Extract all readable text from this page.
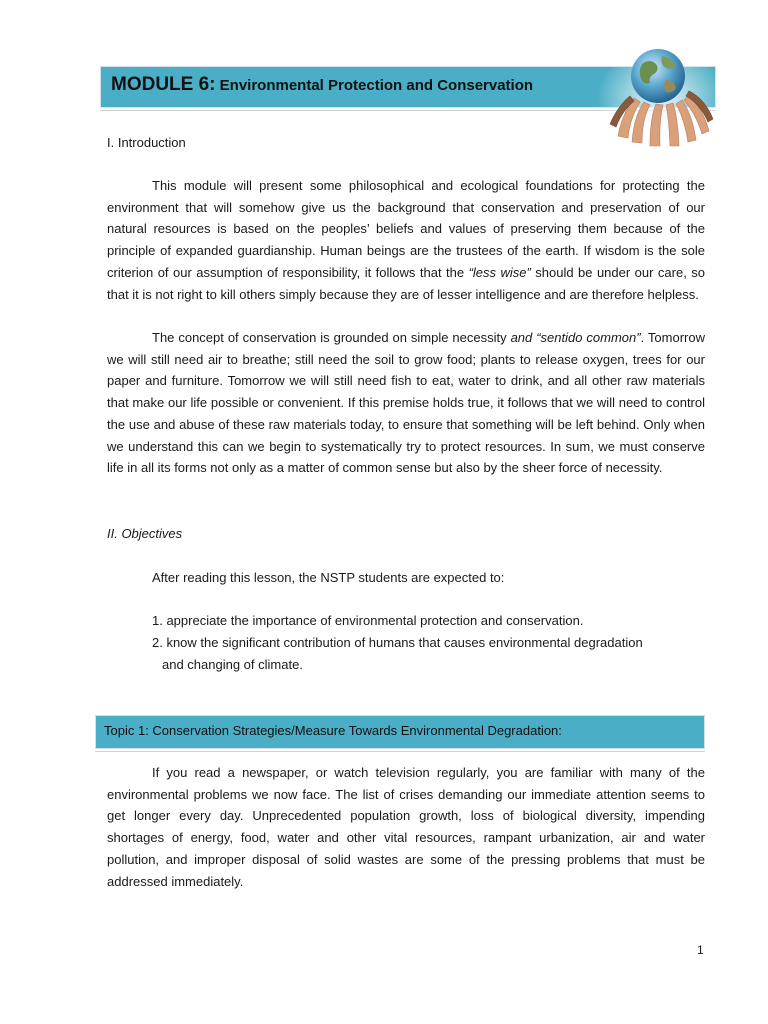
MODULE 6: Environmental Protection and Conservation

I. Introduction

This module will present some philosophical and ecological foundations for protecting the environment that will somehow give us the background that conservation and preservation of our natural resources is based on the peoples’ beliefs and values of preserving them because of the principle of expanded guardianship. Human beings are the trustees of the earth. If wisdom is the sole criterion of our assumption of responsibility, it follows that the “less wise” should be under our care, so that it is not right to kill others simply because they are of lesser intelligence and are therefore helpless.

The concept of conservation is grounded on simple necessity and “sentido common”. Tomorrow we will still need air to breathe; still need the soil to grow food; plants to release oxygen, trees for our paper and furniture. Tomorrow we will still need fish to eat, water to drink, and all other raw materials that make our life possible or convenient. If this premise holds true, it follows that we will need to control the use and abuse of these raw materials today, to ensure that something will be left behind. Only when we understand this can we begin to systematically try to protect resources. In sum, we must conserve life in all its forms not only as a matter of common sense but also by the sheer force of necessity.

II. Objectives

After reading this lesson, the NSTP students are expected to:

1. appreciate the importance of environmental protection and conservation.

2. know the significant contribution of humans that causes environmental degradation

and changing of climate.

Topic 1: Conservation Strategies/Measure Towards Environmental Degradation:

If you read a newspaper, or watch television regularly, you are familiar with many of the environmental problems we now face. The list of crises demanding our immediate attention seems to get longer every day. Unprecedented population growth, loss of biological diversity, impending shortages of energy, food, water and other vital resources, rampant urbanization, air and water pollution, and improper disposal of solid wastes are some of the pressing problems that must be addressed immediately.

1
